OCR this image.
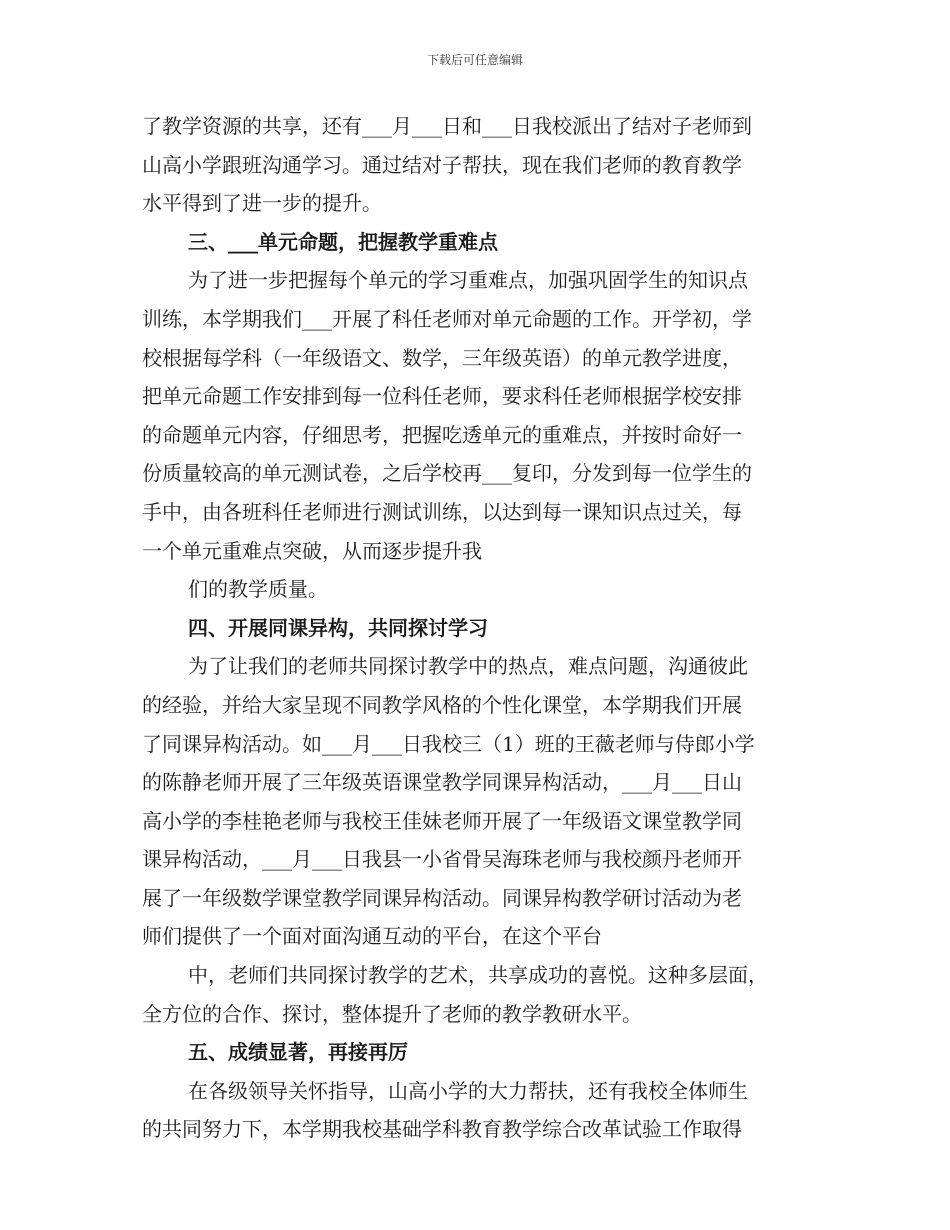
下载后可任意编辑
了教学资源的共享，还有___月___日和___日我校派出了结对子老师到
山高小学跟班沟通学习。通过结对子帮扶，现在我们老师的教育教学
水平得到了进一步的提升。
三、___单元命题，把握教学重难点
为了进一步把握每个单元的学习重难点，加强巩固学生的知识点
训练，本学期我们___开展了科任老师对单元命题的工作。开学初，学
校根据每学科（一年级语文、数学，三年级英语）的单元教学进度，
把单元命题工作安排到每一位科任老师，要求科任老师根据学校安排
的命题单元内容，仔细思考，把握吃透单元的重难点，并按时命好一
份质量较高的单元测试卷，之后学校再___复印，分发到每一位学生的
手中，由各班科任老师进行测试训练，以达到每一课知识点过关，每
一个单元重难点突破，从而逐步提升我
们的教学质量。
四、开展同课异构，共同探讨学习
为了让我们的老师共同探讨教学中的热点，难点问题，沟通彼此
的经验，并给大家呈现不同教学风格的个性化课堂，本学期我们开展
了同课异构活动。如___月___日我校三（1）班的王薇老师与侍郎小学
的陈静老师开展了三年级英语课堂教学同课异构活动，___月___日山
高小学的李桂艳老师与我校王佳妹老师开展了一年级语文课堂教学同
课异构活动，___月___日我县一小省骨吴海珠老师与我校颜丹老师开
展了一年级数学课堂教学同课异构活动。同课异构教学研讨活动为老
师们提供了一个面对面沟通互动的平台，在这个平台
中，老师们共同探讨教学的艺术，共享成功的喜悦。这种多层面，
全方位的合作、探讨，整体提升了老师的教学教研水平。
五、成绩显著，再接再厉
在各级领导关怀指导，山高小学的大力帮扶，还有我校全体师生
的共同努力下，本学期我校基础学科教育教学综合改革试验工作取得
